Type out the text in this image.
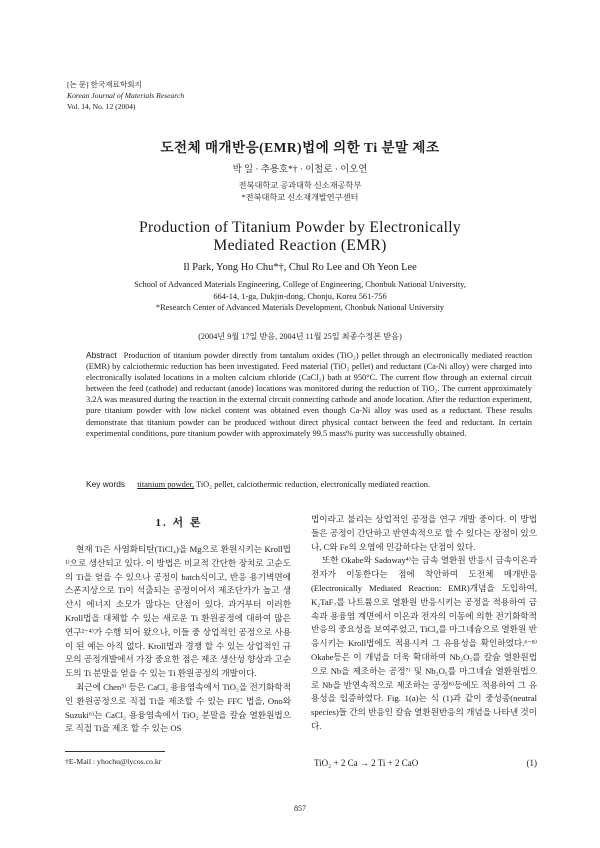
[논 문] 한국재료학회지
Korean Journal of Materials Research
Vol. 14, No. 12 (2004)
도전체 매개반응(EMR)법에 의한 Ti 분말 제조
박 일 · 추용호*† · 이철로 · 이오연
전북대학교 공과대학 신소재공학부
*전북대학교 신소재개발연구센터
Production of Titanium Powder by Electronically
Mediated Reaction (EMR)
Il Park, Yong Ho Chu*†, Chul Ro Lee and Oh Yeon Lee
School of Advanced Materials Engineering, College of Engineering, Chonbuk National University,
664-14, 1-ga, Dukjin-dong, Chonju, Korea 561-756
*Research Center of Advanced Materials Development, Chonbuk National University
(2004년 9월 17일 받음, 2004년 11월 25일 최종수정본 받음)
Abstract Production of titanium powder directly from tantalum oxides (TiO₂) pellet through an electronically mediated reaction (EMR) by calciothermic reduction has been investigated. Feed material (TiO₂ pellet) and reductant (Ca-Ni alloy) were charged into electronically isolated locations in a molten calcium chloride (CaCl₂) bath at 950°C. The current flow through an external circuit between the feed (cathode) and reductant (anode) locations was monitored during the reduction of TiO₂. The current approximately 3.2A was measured during the reaction in the external circuit connecting cathode and anode location. After the reduction experiment, pure titanium powder with low nickel content was obtained even though Ca-Ni alloy was used as a reductant. These results demonstrate that titanium powder can be produced without direct physical contact between the feed and reductant. In certain experimental conditions, pure titanium powder with approximately 99.5 mass% purity was successfully obtained.
Key words titanium powder, TiO₂ pellet, calciothermic reduction, electronically mediated reaction.
1. 서 론

현재 Ti은 사염화티탄(TiCl₄)을 Mg으로 환원시키는 Kroll법¹⁾으로 생산되고 있다. 이 방법은 비교적 간단한 장치로 고순도의 Ti을 얻을 수 있으나 공정이 batch식이고, 반응 용기벽면에 스폰지상으로 Ti이 석출되는 공정이어서 제조단가가 높고 생산시 에너지 소모가 많다는 단점이 있다. 과거부터 이러한 Kroll법을 대체할 수 있는 새로운 Ti 환원공정에 대하여 많은 연구²⁻⁴⁾가 수행 되어 왔으나, 이들 중 상업적인 공정으로 사용이 된 예는 아직 없다. Kroll법과 경쟁 할 수 있는 상업적인 규모의 공정개발에서 가장 중요한 점은 제조 생산성 향상과 고순도의 Ti 분말을 얻을 수 있는 Ti 환원공정의 개발이다.

최근에 Chen⁵⁾ 등은 CaCl₂ 용융염속에서 TiO₂을 전기화학적인 환원공정으로 직접 Ti을 제조할 수 있는 FFC 법을, Ono와 Suzuki⁶⁾는 CaCl₂ 용융염속에서 TiO₂ 분말을 칼슘 열환원법으로 직접 Ti을 제조 할 수 있는 OS

법이라고 불리는 상업적인 공정을 연구 개발 중이다. 이 방법들은 공정이 간단하고 반연속적으로 할 수 있다는 장점이 있으나, C와 Fe의 오염에 민감하다는 단점이 있다.

또한 Okabe와 Sadoway⁴⁾는 금속 열환원 반응시 금속이온과 전자가 이동한다는 점에 착안하여 도전체 매개반응(Electronically Mediated Reaction: EMR)개념을 도입하여, K₂TaF₇를 나트륨으로 열환원 반응시키는 공정을 적용하여 금속과 용융염 계면에서 이온과 전자의 이동에 의한 전기화학적 반응의 중요성을 보여주었고, TiCl₄를 마그네슘으로 열환원 반응시키는 Kroll법에도 적용시켜 그 유용성을 확인하였다.⁶⁻⁸⁾ Okabe등은 이 개념을 더욱 확대하여 Nb₂O₅를 칼슘 열환원법으로 Nb을 제조하는 공정⁷⁾ 및 Nb₂O₅를 마그네슘 열환원법으로 Nb을 반연속적으로 제조하는 공정⁸⁾등에도 적용하여 그 유용성을 입증하였다. Fig. 1(a)는 식 (1)과 같이 중성종(neutral species)들 간의 반응인 칼슘 열환원반응의 개념을 나타낸 것이다.

TiO₂ + 2 Ca → 2 Ti + 2 CaO	(1)
†E-Mail : yhochu@lycos.co.kr
857
